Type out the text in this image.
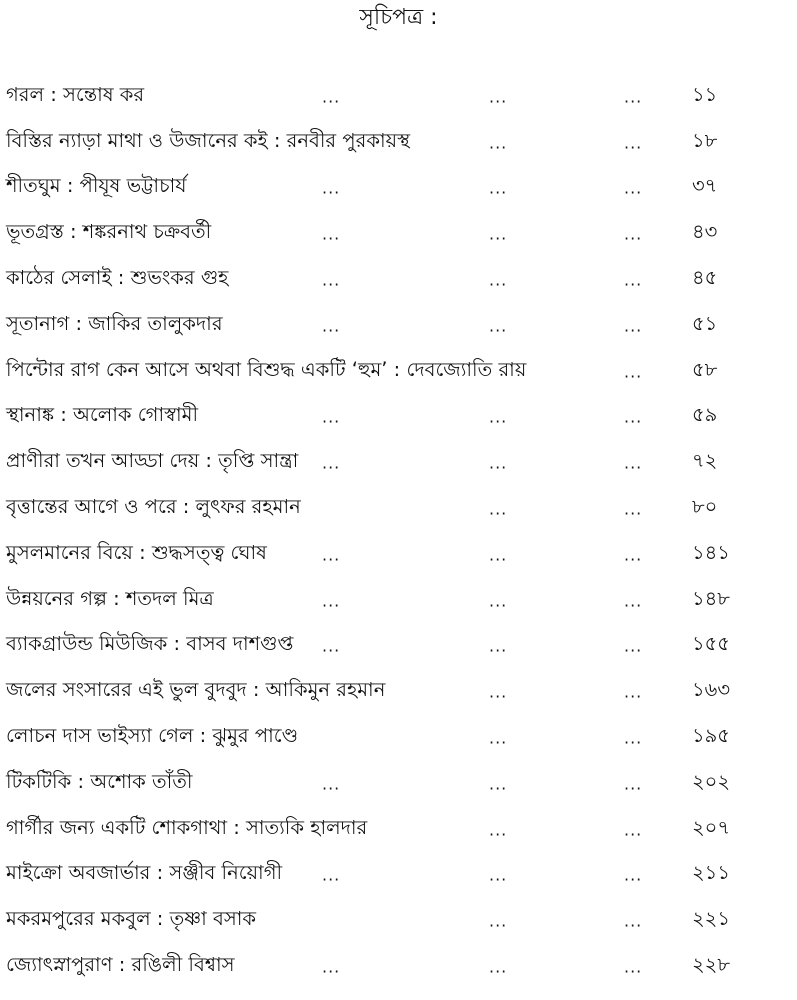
সূচিপত্র :
গরল : সন্তোষ কর	...	...	...	১১
বিস্তির ন্যাড়া মাথা ও উজানের কই : রনবীর পুরকায়স্থ	...	...	১৮
শীতঘুম : পীযূষ ভট্টাচার্য	...	...	...	৩৭
ভূতগ্রস্ত : শঙ্করনাথ চক্রবর্তী	...	...	...	৪৩
কাঠের সেলাই : শুভংকর গুহ	...	...	...	৪৫
সূতানাগ : জাকির তালুকদার	...	...	...	৫১
পিন্টোর রাগ কেন আসে অথবা বিশুদ্ধ একটি ‘হুম’ : দেবজ্যোতি রায়	...	৫৮
স্থানাঙ্ক : অলোক গোস্বামী	...	...	...	৫৯
প্রাণীরা তখন আড্ডা দেয় : তৃপ্তি সান্ত্রা ...	...	...	৭২
বৃত্তান্তের আগে ও পরে : লুৎফর রহমান	...	...	৮০
মুসলমানের বিয়ে : শুদ্ধসত্ত্ব ঘোষ	...	...	...	১৪১
উন্নয়নের গল্প : শতদল মিত্র	...	...	...	১৪৮
ব্যাকগ্রাউন্ড মিউজিক : বাসব দাশগুপ্ত ...	...	...	১৫৫
জলের সংসারের এই ভুল বুদবুদ : আকিমুন রহমান	...	...	১৬৩
লোচন দাস ভাইস্যা গেল : ঝুমুর পাণ্ডে	...	...	১৯৫
টিকটিকি : অশোক তাঁতী	...	...	...	২০২
গার্গীর জন্য একটি শোকগাথা : সাত্যকি হালদার	...	...	২০৭
মাইক্রো অবজার্ভার : সঞ্জীব নিয়োগী ...	...	...	২১১
মকরমপুরের মকবুল : তৃষ্ণা বসাক	...	...	২২১
জ্যোৎস্নাপুরাণ : রঙিলী বিশ্বাস	...	...	...	২২৮
